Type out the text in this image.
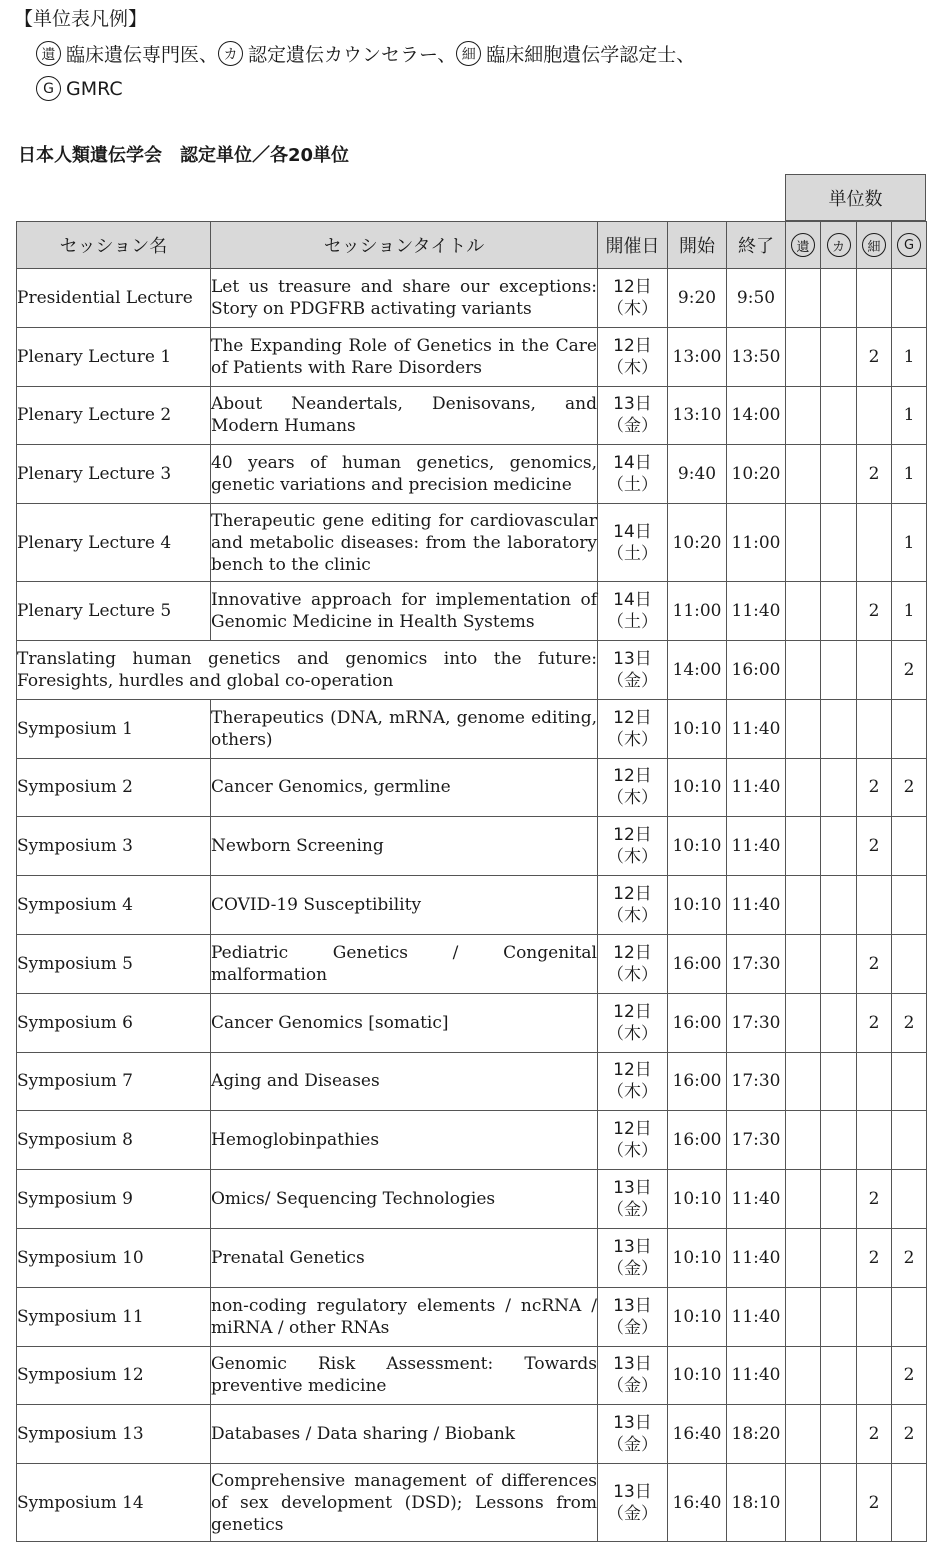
【単位表凡例】
遺 臨床遺伝専門医、 カ 認定遺伝カウンセラー、 細 臨床細胞遺伝学認定士、
G GMRC
日本人類遺伝学会　認定単位／各20単位
単位数
セッション名	セッションタイトル	開催日	開始	終了	遺	カ	細	G
Presidential Lecture	Let us treasure and share our exceptions: Story on PDGFRB activating variants	12日
（木）	9:20	9:50				
Plenary Lecture 1	The Expanding Role of Genetics in the Care of Patients with Rare Disorders	12日
（木）	13:00	13:50			2	1
Plenary Lecture 2	About Neandertals, Denisovans, and Modern Humans	13日
（金）	13:10	14:00				1
Plenary Lecture 3	40 years of human genetics, genomics, genetic variations and precision medicine	14日
（土）	9:40	10:20			2	1
Plenary Lecture 4	Therapeutic gene editing for cardiovascular and metabolic diseases: from the laboratory bench to the clinic	14日
（土）	10:20	11:00				1
Plenary Lecture 5	Innovative approach for implementation of Genomic Medicine in Health Systems	14日
（土）	11:00	11:40			2	1
Translating human genetics and genomics into the future: Foresights, hurdles and global co-operation		13日
（金）	14:00	16:00				2
Symposium 1	Therapeutics (DNA, mRNA, genome editing, others)	12日
（木）	10:10	11:40				
Symposium 2	Cancer Genomics, germline	12日
（木）	10:10	11:40			2	2
Symposium 3	Newborn Screening	12日
（木）	10:10	11:40			2	
Symposium 4	COVID-19 Susceptibility	12日
（木）	10:10	11:40				
Symposium 5	Pediatric Genetics / Congenital malformation	12日
（木）	16:00	17:30			2	
Symposium 6	Cancer Genomics [somatic]	12日
（木）	16:00	17:30			2	2
Symposium 7	Aging and Diseases	12日
（木）	16:00	17:30				
Symposium 8	Hemoglobinpathies	12日
（木）	16:00	17:30				
Symposium 9	Omics/ Sequencing Technologies	13日
（金）	10:10	11:40			2	
Symposium 10	Prenatal Genetics	13日
（金）	10:10	11:40			2	2
Symposium 11	non-coding regulatory elements / ncRNA / miRNA / other RNAs	13日
（金）	10:10	11:40				
Symposium 12	Genomic Risk Assessment: Towards preventive medicine	13日
（金）	10:10	11:40				2
Symposium 13	Databases / Data sharing / Biobank	13日
（金）	16:40	18:20			2	2
Symposium 14	Comprehensive management of differences of sex development (DSD); Lessons from genetics	13日
（金）	16:40	18:10			2	
